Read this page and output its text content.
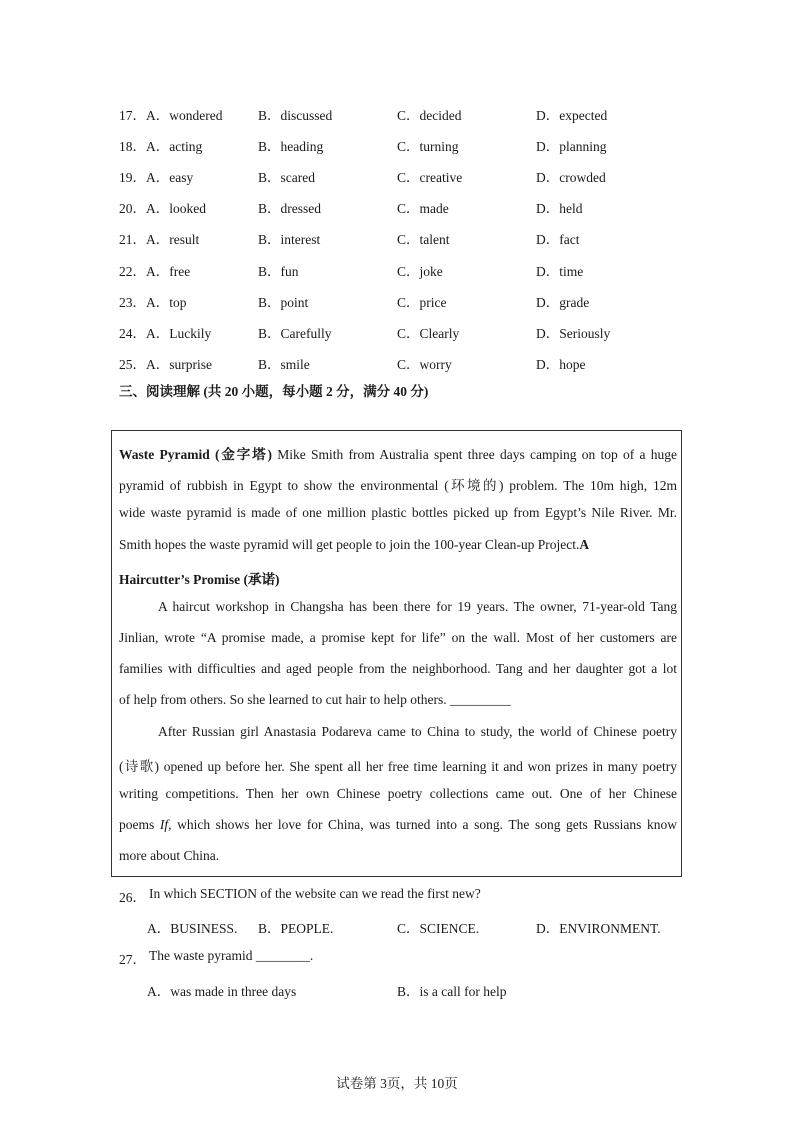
17．A．wondered	B．discussed	C．decided	D．expected
18．A．acting	B．heading	C．turning	D．planning
19．A．easy	B．scared	C．creative	D．crowded
20．A．looked	B．dressed	C．made	D．held
21．A．result	B．interest	C．talent	D．fact
22．A．free	B．fun	C．joke	D．time
23．A．top	B．point	C．price	D．grade
24．A．Luckily	B．Carefully	C．Clearly	D．Seriously
25．A．surprise	B．smile	C．worry	D．hope
三、阅读理解 (共 20 小题，每小题 2 分，满分 40 分)
Waste Pyramid (金字塔) Mike Smith from Australia spent three days camping on top of a huge
pyramid of rubbish in Egypt to show the environmental (环境的) problem. The 10m high, 12m
wide waste pyramid is made of one million plastic bottles picked up from Egypt’s Nile River. Mr.
Smith hopes the waste pyramid will get people to join the 100-year Clean-up Project.A
Haircutter’s Promise (承诺)
A haircut workshop in Changsha has been there for 19 years. The owner, 71-year-old Tang
Jinlian, wrote “A promise made, a promise kept for life” on the wall. Most of her customers are
families with difficulties and aged people from the neighborhood. Tang and her daughter got a lot
of help from others. So she learned to cut hair to help others. _________
After Russian girl Anastasia Podareva came to China to study, the world of Chinese poetry
(诗歌) opened up before her. She spent all her free time learning it and won prizes in many poetry
writing competitions. Then her own Chinese poetry collections came out. One of her Chinese
poems If, which shows her love for China, was turned into a song. The song gets Russians know
more about China.
26． In which SECTION of the website can we read the first new?
A．BUSINESS. B．PEOPLE.	C．SCIENCE.	D．ENVIRONMENT.
27． The waste pyramid ________.
A．was made in three days	B．is a call for help
试卷第 3页，共 10页
